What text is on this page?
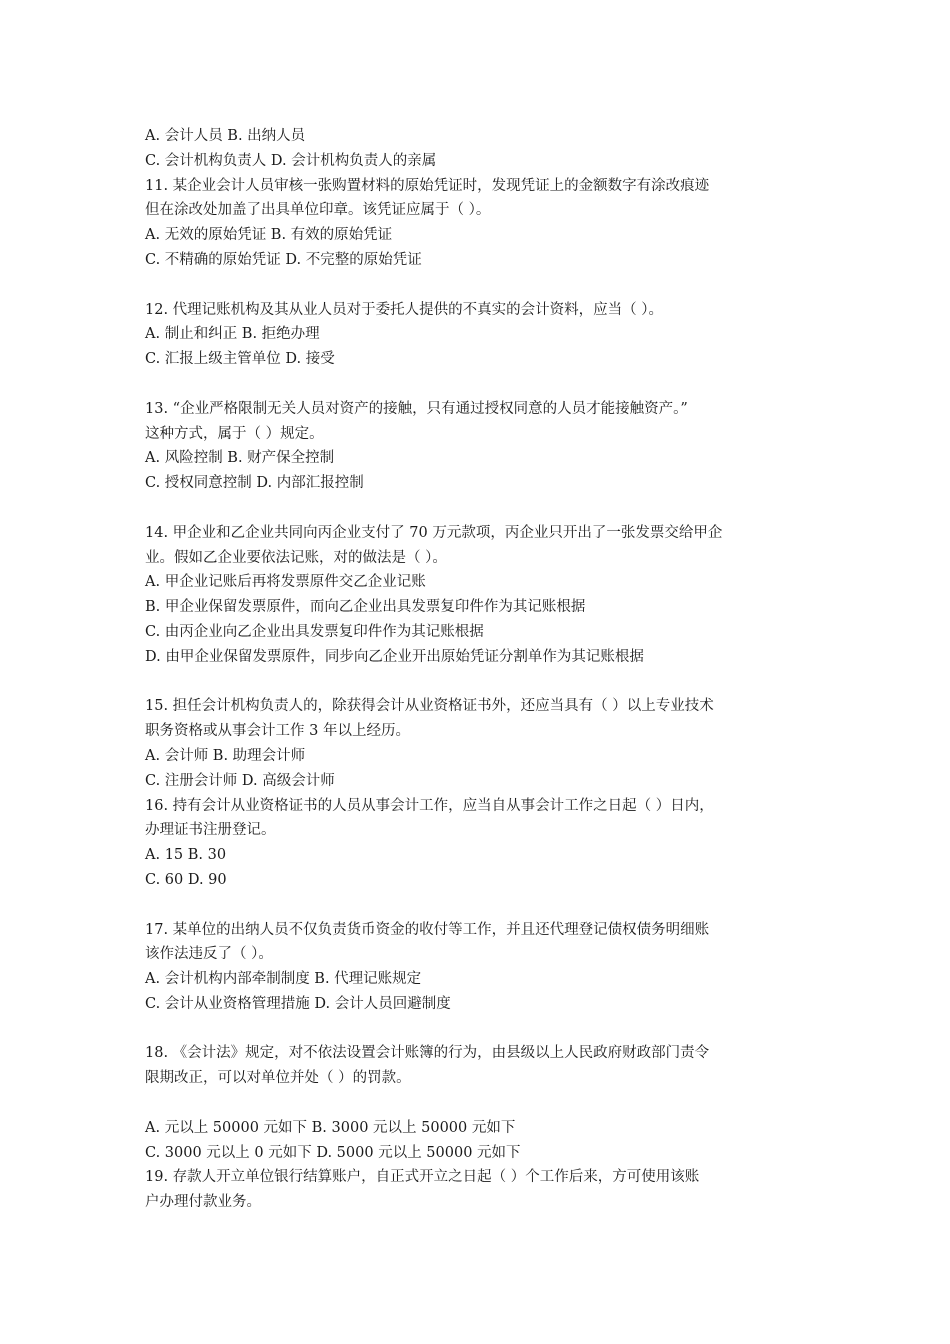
A. 会计人员 B. 出纳人员
C. 会计机构负责人 D. 会计机构负责人的亲属
11. 某企业会计人员审核一张购置材料的原始凭证时，发现凭证上的金额数字有涂改痕迹
但在涂改处加盖了出具单位印章。该凭证应属于（ ）。
A. 无效的原始凭证 B. 有效的原始凭证
C. 不精确的原始凭证 D. 不完整的原始凭证
12. 代理记账机构及其从业人员对于委托人提供的不真实的会计资料，应当（ ）。
A. 制止和纠正 B. 拒绝办理
C. 汇报上级主管单位 D. 接受
13. “企业严格限制无关人员对资产的接触，只有通过授权同意的人员才能接触资产。”
这种方式，属于（ ）规定。
A. 风险控制 B. 财产保全控制
C. 授权同意控制 D. 内部汇报控制
14. 甲企业和乙企业共同向丙企业支付了 70 万元款项，丙企业只开出了一张发票交给甲企
业。假如乙企业要依法记账，对的做法是（ ）。
A. 甲企业记账后再将发票原件交乙企业记账
B. 甲企业保留发票原件，而向乙企业出具发票复印件作为其记账根据
C. 由丙企业向乙企业出具发票复印件作为其记账根据
D. 由甲企业保留发票原件，同步向乙企业开出原始凭证分割单作为其记账根据
15. 担任会计机构负责人的，除获得会计从业资格证书外，还应当具有（ ）以上专业技术
职务资格或从事会计工作 3 年以上经历。
A. 会计师 B. 助理会计师
C. 注册会计师 D. 高级会计师
16. 持有会计从业资格证书的人员从事会计工作，应当自从事会计工作之日起（ ）日内，
办理证书注册登记。
A. 15 B. 30
C. 60 D. 90
17. 某单位的出纳人员不仅负责货币资金的收付等工作，并且还代理登记债权债务明细账
该作法违反了（ ）。
A. 会计机构内部牵制制度 B. 代理记账规定
C. 会计从业资格管理措施 D. 会计人员回避制度
18. 《会计法》规定，对不依法设置会计账簿的行为，由县级以上人民政府财政部门责令
限期改正，可以对单位并处（ ）的罚款。
A. 元以上 50000 元如下 B. 3000 元以上 50000 元如下
C. 3000 元以上 0 元如下 D. 5000 元以上 50000 元如下
19. 存款人开立单位银行结算账户，自正式开立之日起（ ）个工作后来，方可使用该账
户办理付款业务。
